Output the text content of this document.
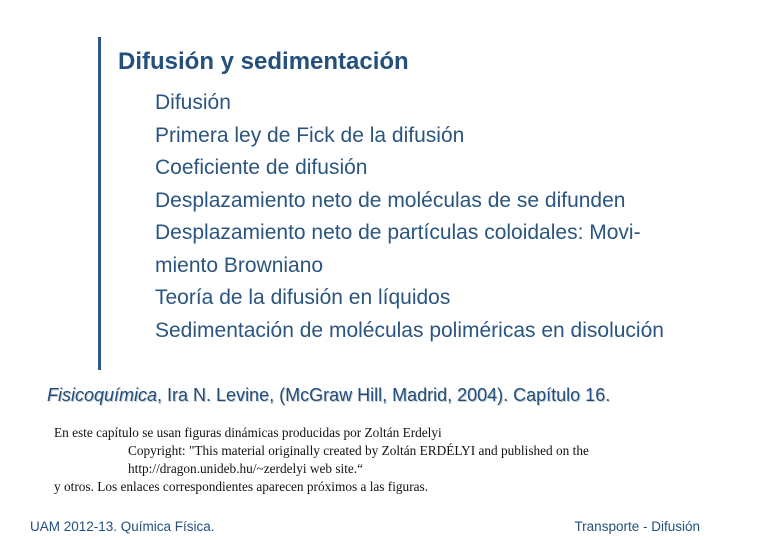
Difusión y sedimentación
Difusión
Primera ley de Fick de la difusión
Coeficiente de difusión
Desplazamiento neto de moléculas de se difunden
Desplazamiento neto de partículas coloidales: Movi-
miento Browniano
Teoría de la difusión en líquidos
Sedimentación de moléculas poliméricas en disolución
Fisicoquímica, Ira N. Levine, (McGraw Hill, Madrid, 2004). Capítulo 16.
En este capítulo se usan figuras dinámicas producidas por Zoltán Erdelyi
Copyright: "This material originally created by Zoltán ERDÉLYI and published on the
http://dragon.unideb.hu/~zerdelyi web site.“
y otros. Los enlaces correspondientes aparecen próximos a las figuras.
UAM 2012-13. Química Física.	Transporte - Difusión
